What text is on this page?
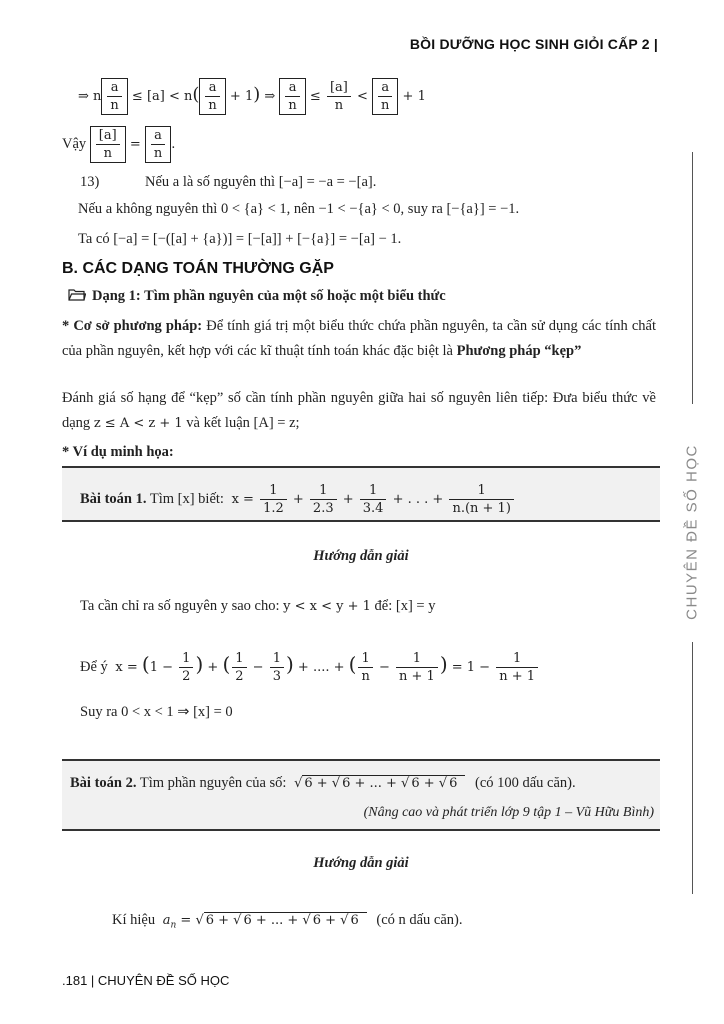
BỒI DƯỠNG HỌC SINH GIỎI CẤP 2 |
CHUYÊN ĐỀ SỐ HỌC
⇒ n $\frac{a}{n} \le [a] < n( \frac{a}{n} + 1)$ ⇒ $\frac{a}{n} \le \frac{[a]}{n} < \frac{a}{n} + 1$
Vậy $\frac{[a]}{n} = \frac{a}{n}$ .
13)	Nếu a là số nguyên thì [−a] = −a = −[a].
Nếu a không nguyên thì 0 < {a} < 1, nên −1 < −{a} < 0, suy ra [−{a}] = −1.
Ta có [−a] = [−([a] + {a})] = [−[a]] + [−{a}] = −[a] − 1.
B. CÁC DẠNG TOÁN THƯỜNG GẶP
Dạng 1: Tìm phần nguyên của một số hoặc một biểu thức
* Cơ sở phương pháp: Để tính giá trị một biểu thức chứa phần nguyên, ta cần sử dụng các tính chất của phần nguyên, kết hợp với các kĩ thuật tính toán khác đặc biệt là Phương pháp “kẹp”
Đánh giá số hạng để “kẹp” số cần tính phần nguyên giữa hai số nguyên liên tiếp: Đưa biểu thức về dạng z ≤ A < z + 1 và kết luận [A] = z;
* Ví dụ minh họa:
Bài toán 1. Tìm [x] biết: $x = \frac{1}{1.2} + \frac{1}{2.3} + \frac{1}{3.4}$ + . . . + $\frac{1}{n.(n + 1)}$
Hướng dẫn giải
Ta cần chỉ ra số nguyên y sao cho: y < x < y + 1 để: [x] = y
Để ý $x = (1 - \frac{1}{2}$ ) + ( $\frac{1}{2} - \frac{1}{3}$ ) + .... + ( $\frac{1}{n} - \frac{1}{n + 1}$ ) = $1 - \frac{1}{n + 1}$
Suy ra 0 < x < 1 ⇒ [x] = 0
Bài toán 2. Tìm phần nguyên của số: √ 6 + √ 6 + ... + √ 6 + √ 6 (có 100 dấu căn).
(Nâng cao và phát triển lớp 9 tập 1 – Vũ Hữu Bình)
Hướng dẫn giải
Kí hiệu $a_n$ = √ 6 + √ 6 + ... + √ 6 + √ 6 (có n dấu căn).
.181 | CHUYÊN ĐỀ SỐ HỌC
